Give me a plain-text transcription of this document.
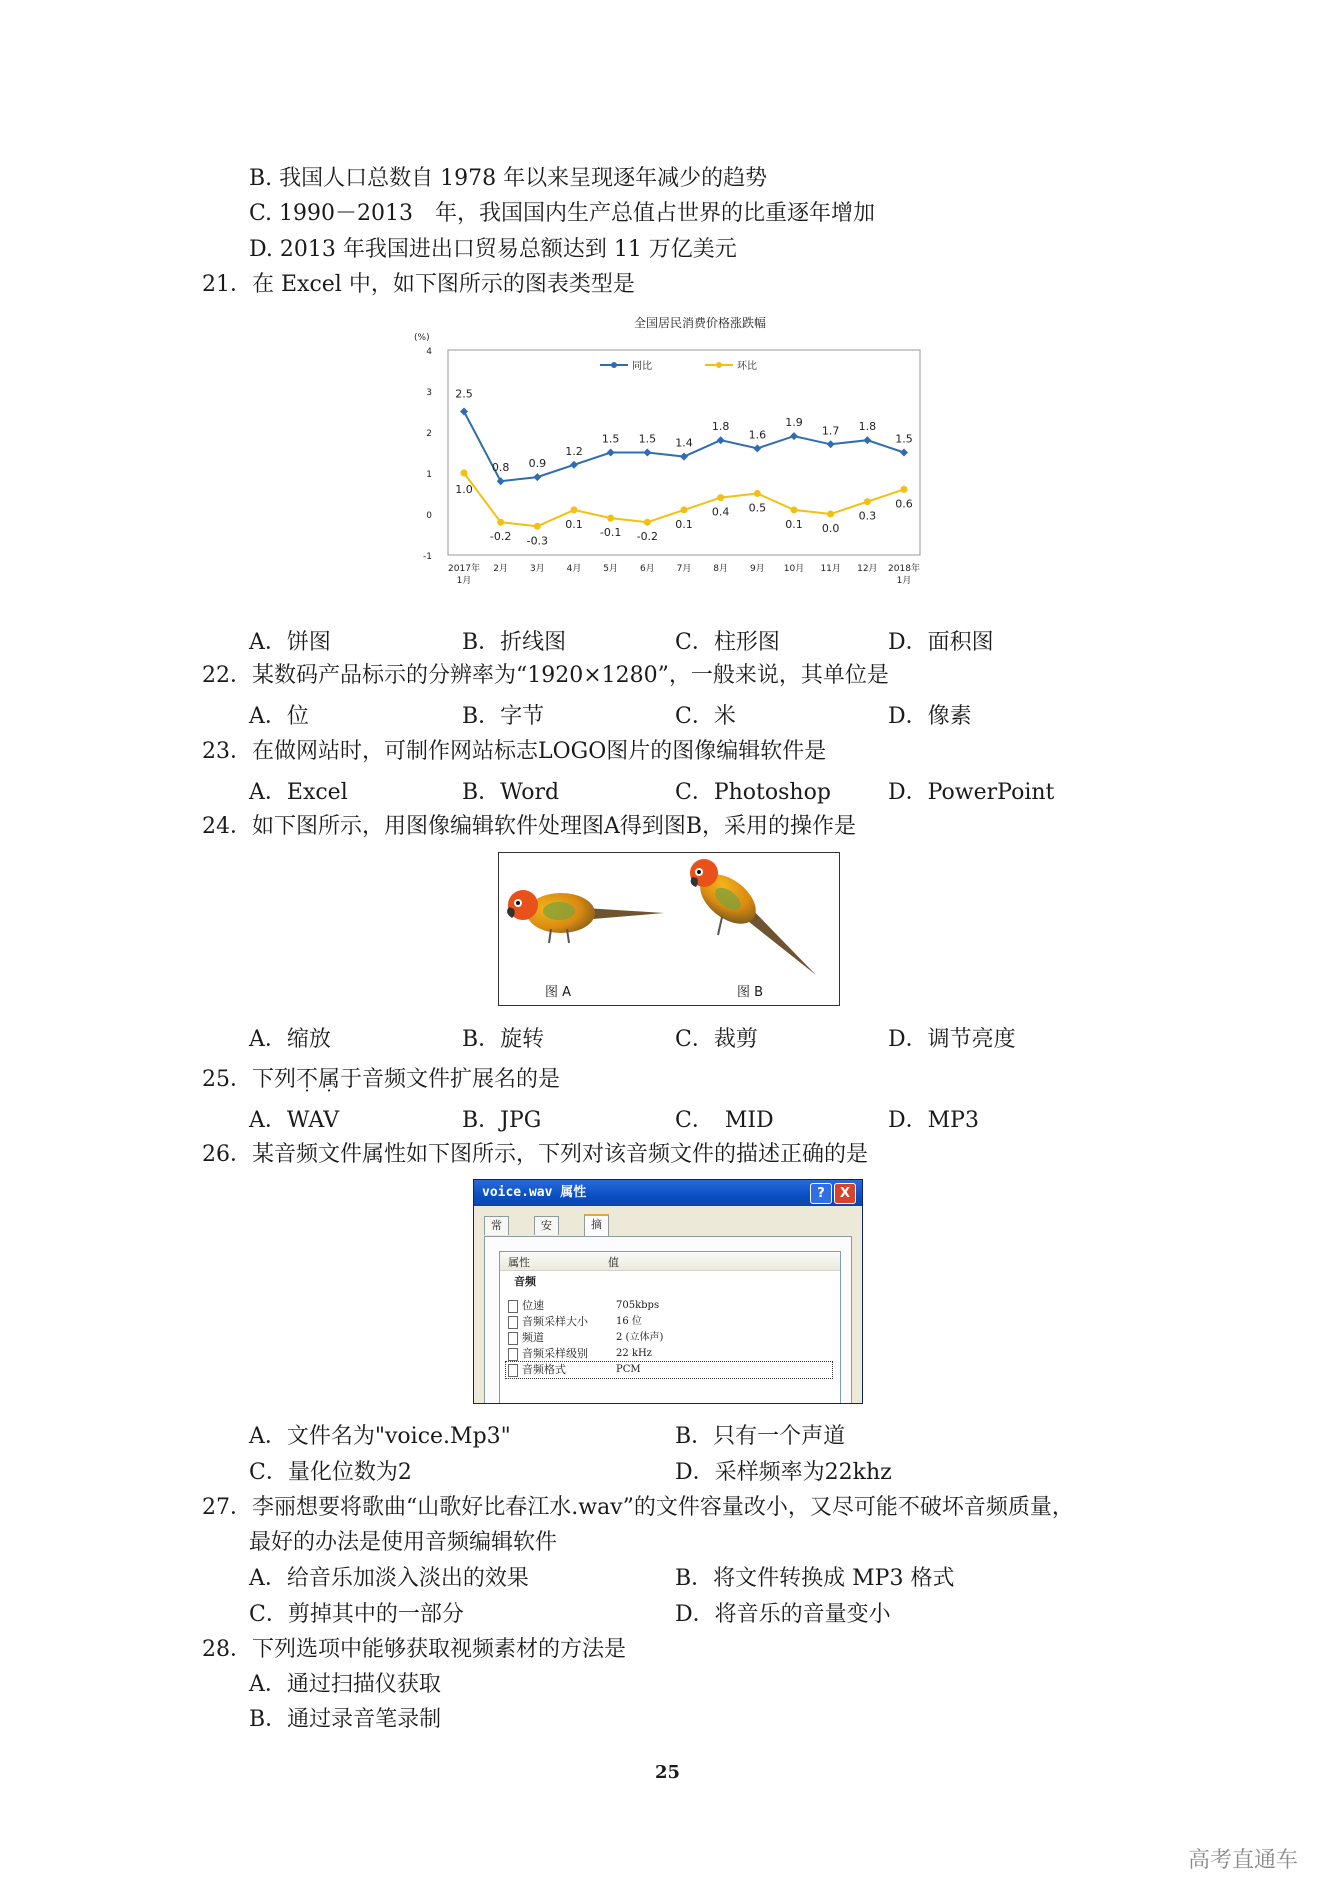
B. 我国人口总数自 1978 年以来呈现逐年减少的趋势
C. 1990－2013　年，我国国内生产总值占世界的比重逐年增加
D. 2013 年我国进出口贸易总额达到 11 万亿美元
21．在 Excel 中，如下图所示的图表类型是
全国居民消费价格涨跌幅
(%)
4
3
2
1
0
-1
2017年
1月
2月 3月 4月 5月 6月 7月 8月 9月 10月 11月 12月 2018年
1月
同比	环比
2.5
0.8 0.9
1.2
1.5 1.5 1.4
1.8
1.6
1.9
1.7 1.8
1.5
1.0
-0.2 -0.3
0.1
-0.1 -0.2
0.1
0.4 0.5
0.1 0.0
0.3
0.6
A．饼图	B．折线图	C．柱形图	D．面积图
22．某数码产品标示的分辨率为“1920×1280”，一般来说，其单位是
A．位	B．字节	C．米	D．像素
23．在做网站时，可制作网站标志LOGO图片的图像编辑软件是
A．Excel	B．Word	C．Photoshop	D．PowerPoint
24．如下图所示，用图像编辑软件处理图A得到图B，采用的操作是
图 A	图 B
A．缩放	B．旋转	C．裁剪	D．调节亮度
25．下列不属于音频文件扩展名的是
A．WAV	B．JPG	C．　MID	D．MP3
26．某音频文件属性如下图所示，下列对该音频文件的描述正确的是
voice.wav 属性	?	X
常	安	摘
属性	值
音频
位速	705kbps
音频采样大小	16 位
频道	2 (立体声)
音频采样级别	22 kHz
音频格式	PCM
A．文件名为"voice.Mp3"	B．只有一个声道
C．量化位数为2	D．采样频率为22khz
27．李丽想要将歌曲“山歌好比春江水.wav”的文件容量改小，又尽可能不破坏音频质量，
最好的办法是使用音频编辑软件
A．给音乐加淡入淡出的效果	B．将文件转换成 MP3 格式
C．剪掉其中的一部分	D．将音乐的音量变小
28．下列选项中能够获取视频素材的方法是
A．通过扫描仪获取
B．通过录音笔录制
25
高考直通车
